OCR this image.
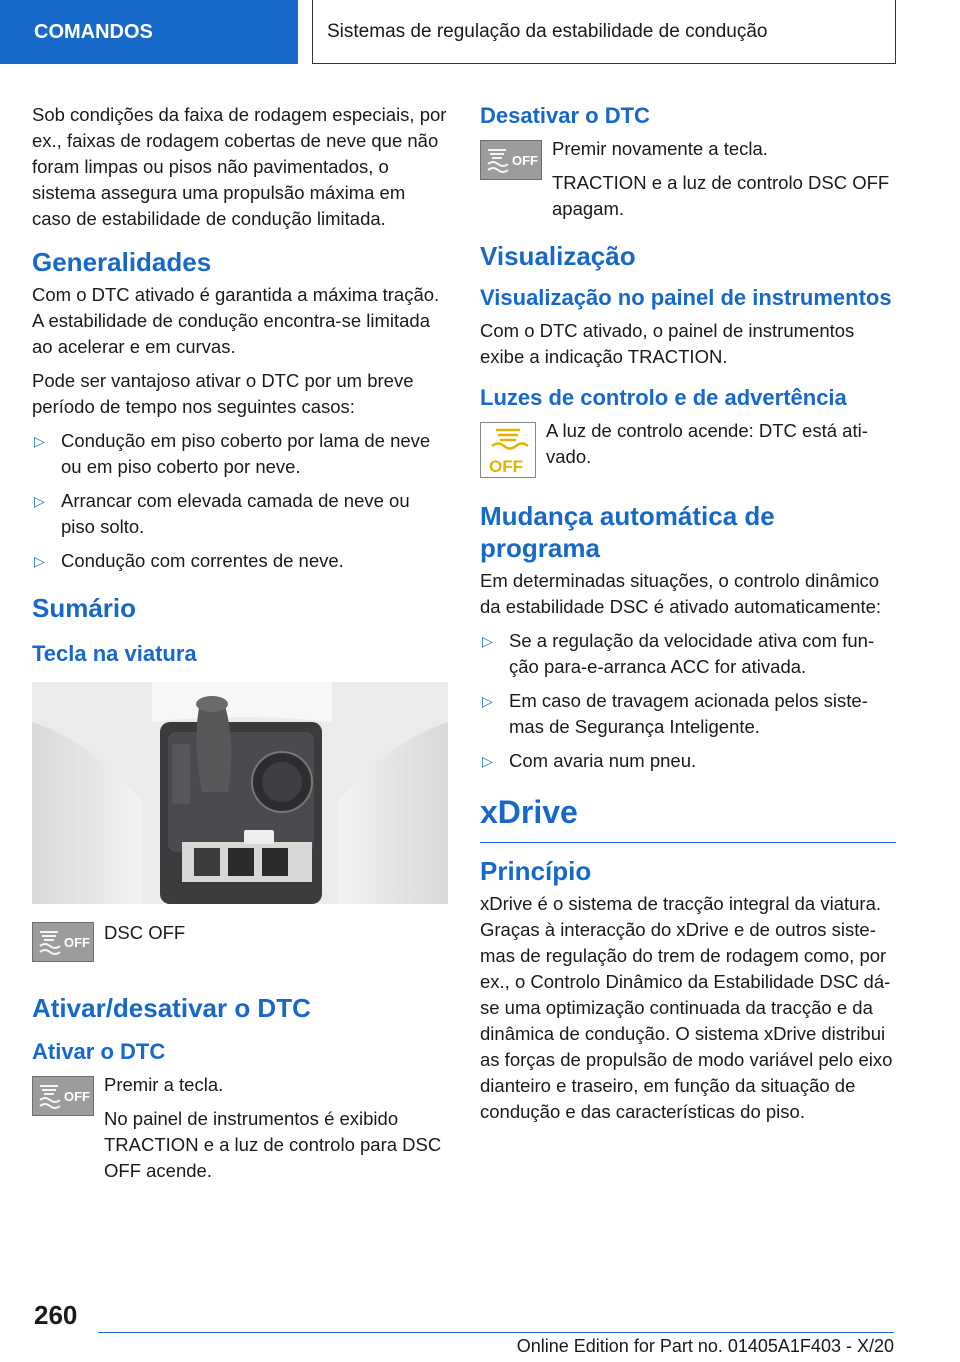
COMANDOS	Sistemas de regulação da estabilidade de condução

Sob condições da faixa de rodagem especiais, por ex., faixas de rodagem cobertas de neve que não foram limpas ou pisos não pavimentados, o sistema assegura uma propulsão máxima em caso de estabilidade de condução limitada.

Generalidades

Com o DTC ativado é garantida a máxima tração. A estabilidade de condução encontra-se limitada ao acelerar e em curvas.

Pode ser vantajoso ativar o DTC por um breve período de tempo nos seguintes casos:

▷ Condução em piso coberto por lama de neve ou em piso coberto por neve.
▷ Arrancar com elevada camada de neve ou piso solto.
▷ Condução com correntes de neve.
Sumário
Tecla na viatura
OFF DSC OFF

Ativar/desativar o DTC
Ativar o DTC
OFF

Premir a tecla.

No painel de instrumentos é exibido TRACTION e a luz de controlo para DSC OFF acende.

Desativar o DTC
OFF

Premir novamente a tecla.

TRACTION e a luz de controlo DSC OFF apagam.

Visualização
Visualização no painel de instrumentos

Com o DTC ativado, o painel de instrumentos exibe a indicação TRACTION.

Luzes de controlo e de advertência
OFF

A luz de controlo acende: DTC está ativado.

Mudança automática de programa

Em determinadas situações, o controlo dinâmico da estabilidade DSC é ativado automaticamente:

▷ Se a regulação da velocidade ativa com função para-e-arranca ACC for ativada.
▷ Em caso de travagem acionada pelos sistemas de Segurança Inteligente.
▷ Com avaria num pneu.
xDrive
Princípio

xDrive é o sistema de tracção integral da viatura. Graças à interacção do xDrive e de outros sistemas de regulação do trem de rodagem como, por ex., o Controlo Dinâmico da Estabilidade DSC dá-se uma optimização continuada da tracção e da dinâmica de condução. O sistema xDrive distribui as forças de propulsão de modo variável pelo eixo dianteiro e traseiro, em função da situação de condução e das características do piso.

260
Online Edition for Part no. 01405A1F403 - X/20
